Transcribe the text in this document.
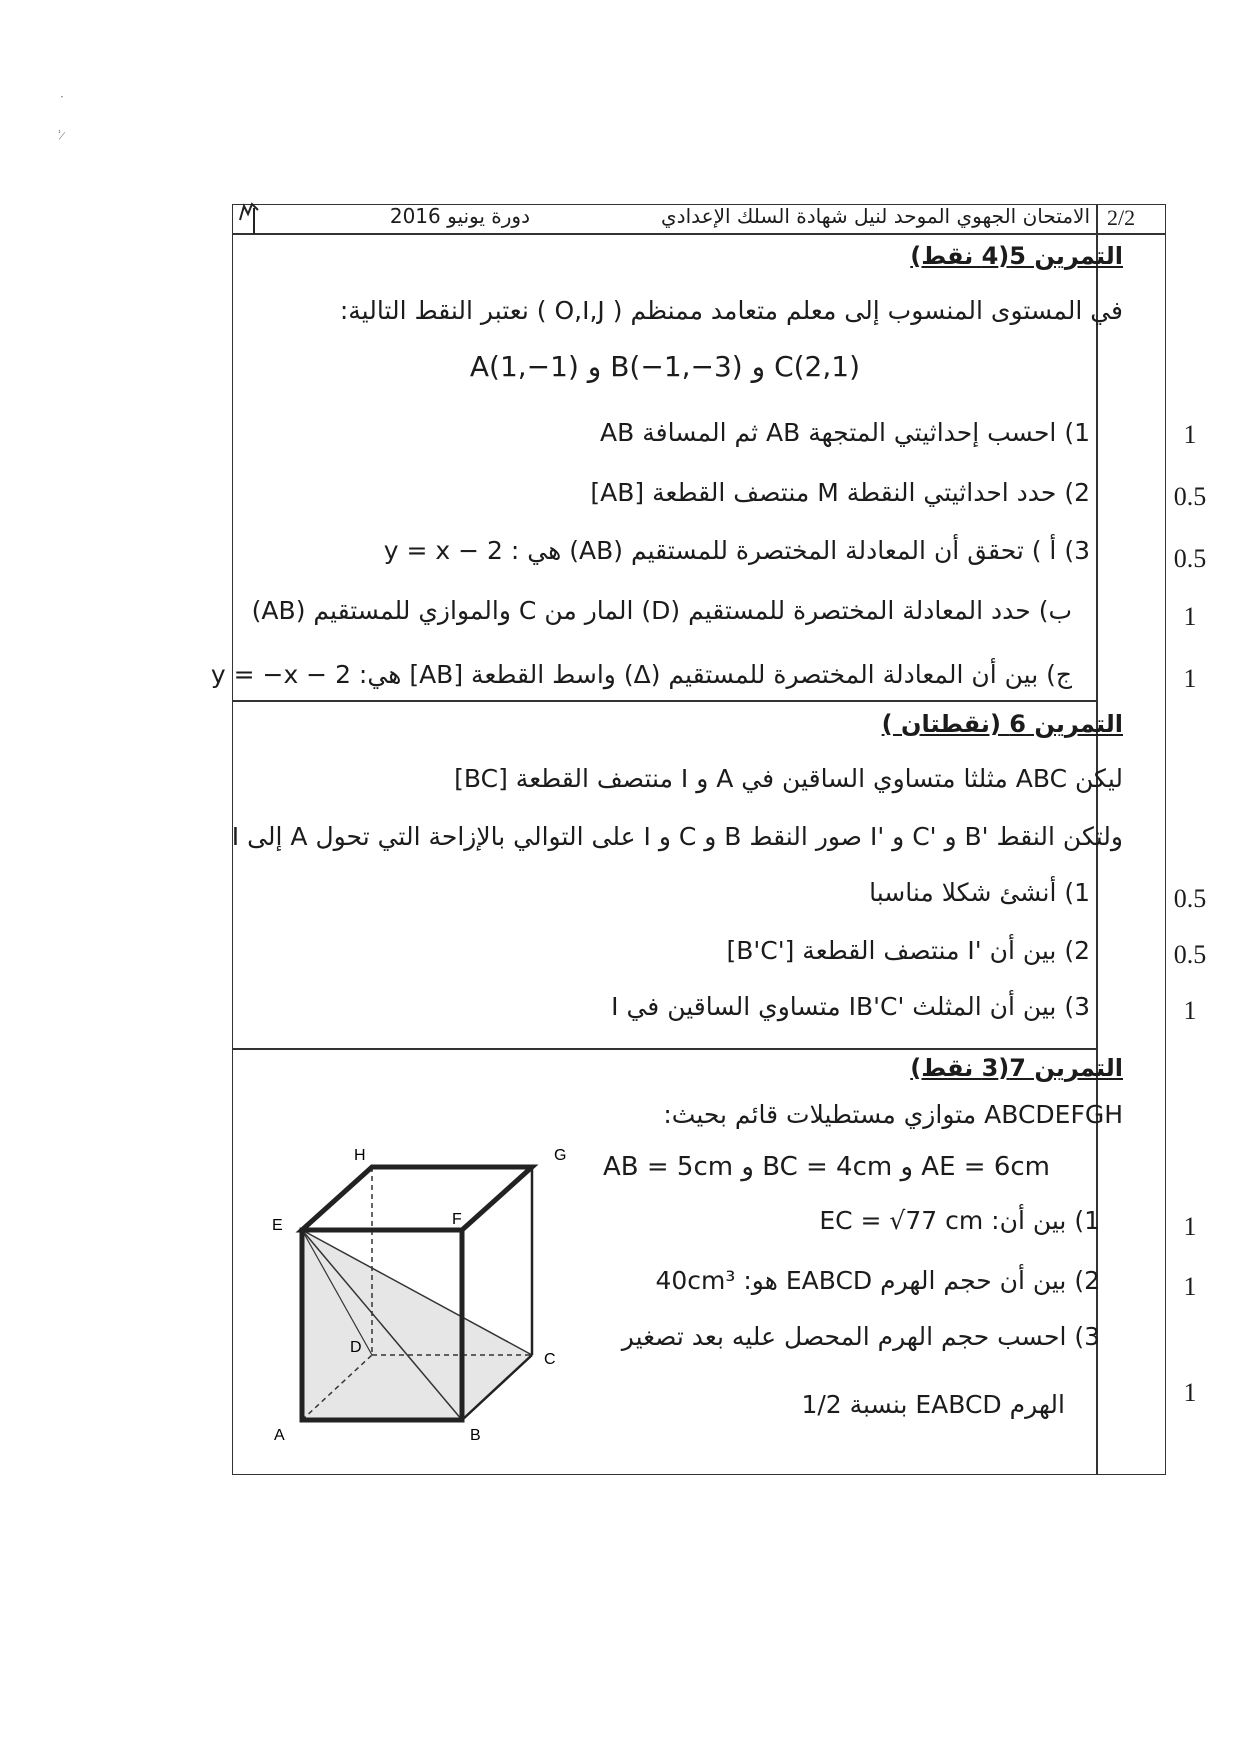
·
ʾ ̷
2/2
الامتحان الجهوي الموحد لنيل شهادة السلك الإعدادي
دورة يونيو 2016
التمرين 5(4 نقط)
في المستوى المنسوب إلى معلم متعامد ممنظم ( O,I,J ) نعتبر النقط التالية:
C(2,1) و B(−1,−3) و A(1,−1)
1) احسب إحداثيتي المتجهة AB ثم المسافة AB
2) حدد احداثيتي النقطة M منتصف القطعة [AB]
3) أ ) تحقق أن المعادلة المختصرة للمستقيم (AB) هي : y = x − 2
ب) حدد المعادلة المختصرة للمستقيم (D) المار من C والموازي للمستقيم (AB)
ج) بين أن المعادلة المختصرة للمستقيم (Δ) واسط القطعة [AB] هي: y = −x − 2
1
0.5
0.5
1
1
التمرين 6 (نقطتان )
ليكن ABC مثلثا متساوي الساقين في A و I منتصف القطعة [BC]
ولتكن النقط 'B و 'C و 'I صور النقط B و C و I على التوالي بالإزاحة التي تحول A إلى I
1) أنشئ شكلا مناسبا
2) بين أن 'I منتصف القطعة ['B'C]
3) بين أن المثلث 'IB'C متساوي الساقين في I
0.5
0.5
1
التمرين 7(3 نقط)
ABCDEFGH متوازي مستطيلات قائم بحيث:
AE = 6cm و BC = 4cm و AB = 5cm
1) بين أن: EC = √77 cm
2) بين أن حجم الهرم EABCD هو: 40cm³
3) احسب حجم الهرم المحصل عليه بعد تصغير
الهرم EABCD بنسبة 1/2
1
1
1
A	B
C
D
E	F
G
H
